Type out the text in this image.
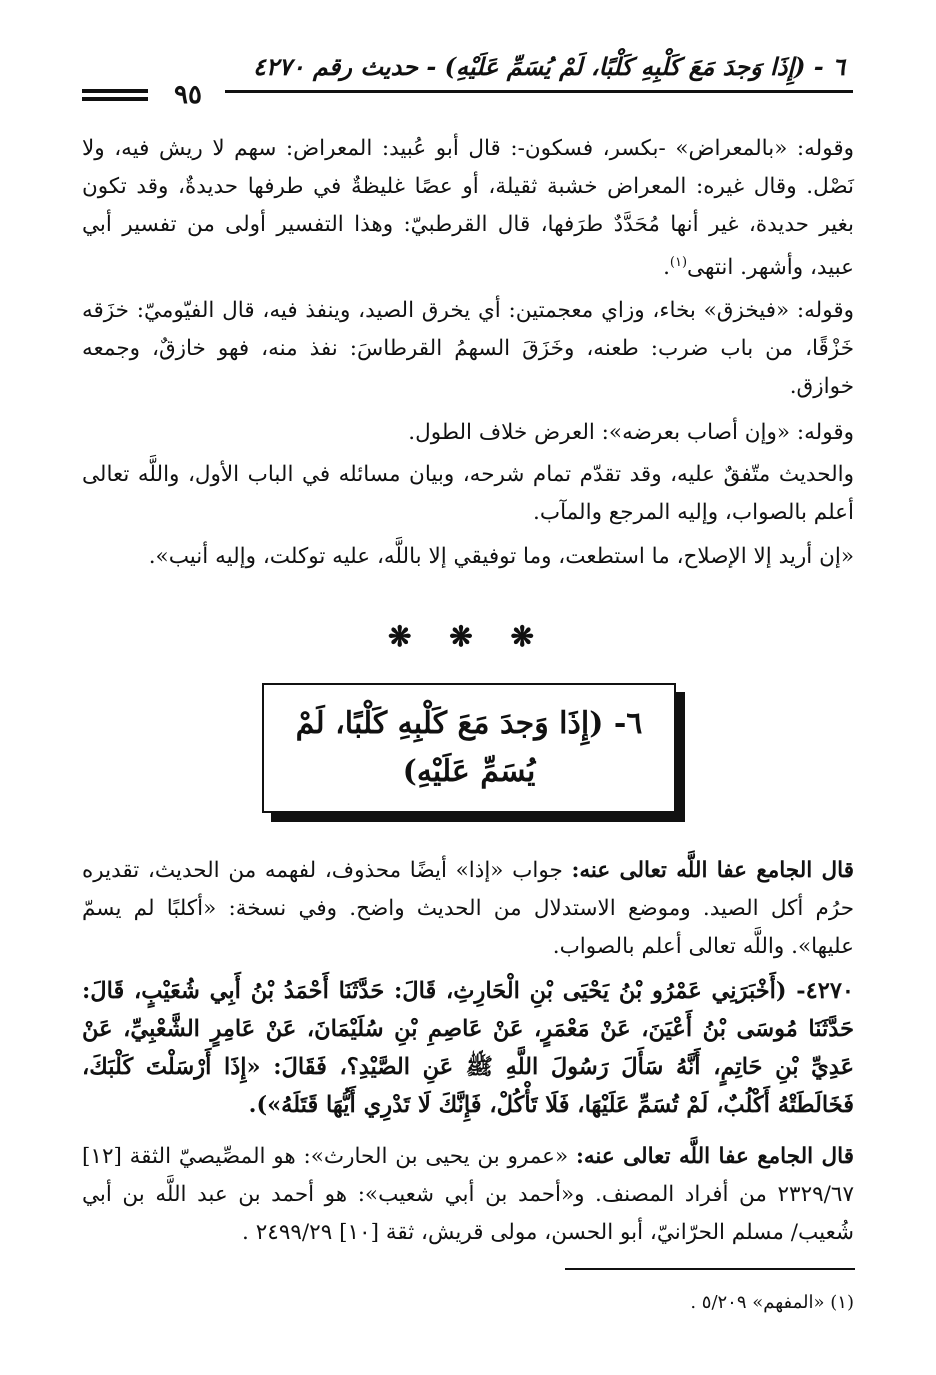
٦ - (إِذَا وَجدَ مَعَ كَلْبِهِ كَلْبًا، لَمْ يُسَمِّ عَلَيْهِ) - حديث رقم ٤٢٧٠
٩٥

وقوله: «بالمعراض» -بكسر، فسكون-: قال أبو عُبيد: المعراض: سهم لا ريش فيه، ولا نَصْل. وقال غيره: المعراض خشبة ثقيلة، أو عصًا غليظةٌ في طرفها حديدةٌ، وقد تكون بغير حديدة، غير أنها مُحَدَّدٌ طرَفها، قال القرطبيّ: وهذا التفسير أولى من تفسير أبي عبيد، وأشهر. انتهى$^{(١)}$.

وقوله: «فيخزق» بخاء، وزاي معجمتين: أي يخرق الصيد، وينفذ فيه، قال الفيّوميّ: خزَقه خَزْقًا، من باب ضرب: طعنه، وخَزَقَ السهمُ القرطاسَ: نفذ منه، فهو خازقٌ، وجمعه خوازق.

وقوله: «وإن أصاب بعرضه»: العرض خلاف الطول.

والحديث متّفقٌ عليه، وقد تقدّم تمام شرحه، وبيان مسائله في الباب الأول، واللَّه تعالى أعلم بالصواب، وإليه المرجع والمآب.

«إن أريد إلا الإصلاح، ما استطعت، وما توفيقي إلا باللَّه، عليه توكلت، وإليه أنيب».

❋ ❋ ❋
٦- (إِذَا وَجدَ مَعَ كَلْبِهِ كَلْبًا، لَمْ يُسَمِّ عَلَيْهِ)

قال الجامع عفا اللَّه تعالى عنه: جواب «إذا» أيضًا محذوف، لفهمه من الحديث، تقديره حرُم أكل الصيد. وموضع الاستدلال من الحديث واضح. وفي نسخة: «أكلبًا لم يسمّ عليها». واللَّه تعالى أعلم بالصواب.

٤٢٧٠- (أَخْبَرَنِي عَمْرُو بْنُ يَحْيَى بْنِ الْحَارِثِ، قَالَ: حَدَّثَنَا أَحْمَدُ بْنُ أَبِي شُعَيْبٍ، قَالَ: حَدَّثَنَا مُوسَى بْنُ أَعْيَنَ، عَنْ مَعْمَرٍ، عَنْ عَاصِمِ بْنِ سُلَيْمَانَ، عَنْ عَامِرٍ الشَّعْبِيِّ، عَنْ عَدِيِّ بْنِ حَاتِمٍ، أَنَّهُ سَأَلَ رَسُولَ اللَّهِ ﷺ عَنِ الصَّيْدِ؟، فَقَالَ: «إِذَا أَرْسَلْتَ كَلْبَكَ، فَخَالَطَتْهُ أَكْلُبٌ، لَمْ تُسَمِّ عَلَيْهَا، فَلَا تَأْكُلْ، فَإِنَّكَ لَا تَدْرِي أَيُّهَا قَتَلَهُ»).

قال الجامع عفا اللَّه تعالى عنه: «عمرو بن يحيى بن الحارث»: هو المصِّيصيّ الثقة [١٢] ٢٣٢٩/٦٧ من أفراد المصنف. و«أحمد بن أبي شعيب»: هو أحمد بن عبد اللَّه بن أبي شُعيب/ مسلم الحرّانيّ، أبو الحسن، مولى قريش، ثقة [١٠] ٢٤٩٩/٢٩ .

(١) «المفهم» ٥/٢٠٩ .
